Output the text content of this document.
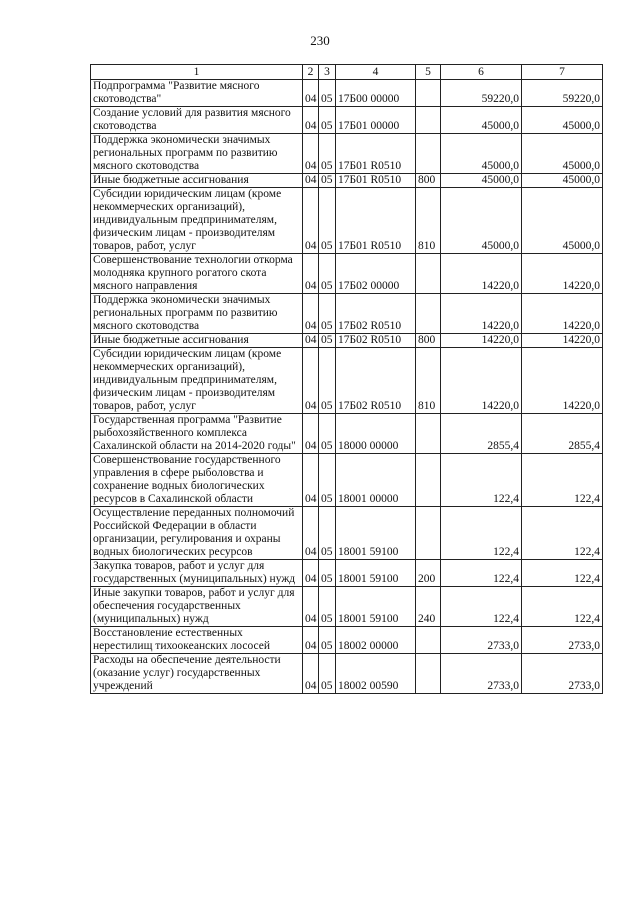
230
1	2	3	4	5	6	7
Подпрограмма "Развитие мясного скотоводства"	04	05	17Б00 00000		59220,0	59220,0
Создание условий для развития мясного скотоводства	04	05	17Б01 00000		45000,0	45000,0
Поддержка экономически значимых региональных программ по развитию мясного скотоводства	04	05	17Б01 R0510		45000,0	45000,0
Иные бюджетные ассигнования	04	05	17Б01 R0510	800	45000,0	45000,0
Субсидии юридическим лицам (кроме некоммерческих организаций), индивидуальным предпринимателям, физическим лицам - производителям товаров, работ, услуг	04	05	17Б01 R0510	810	45000,0	45000,0
Совершенствование технологии откорма молодняка крупного рогатого скота мясного направления	04	05	17Б02 00000		14220,0	14220,0
Поддержка экономически значимых региональных программ по развитию мясного скотоводства	04	05	17Б02 R0510		14220,0	14220,0
Иные бюджетные ассигнования	04	05	17Б02 R0510	800	14220,0	14220,0
Субсидии юридическим лицам (кроме некоммерческих организаций), индивидуальным предпринимателям, физическим лицам - производителям товаров, работ, услуг	04	05	17Б02 R0510	810	14220,0	14220,0
Государственная программа "Развитие рыбохозяйственного комплекса Сахалинской области на 2014-2020 годы"	04	05	18000 00000		2855,4	2855,4
Совершенствование государственного управления в сфере рыболовства и сохранение водных биологических ресурсов в Сахалинской области	04	05	18001 00000		122,4	122,4
Осуществление переданных полномочий Российской Федерации в области организации, регулирования и охраны водных биологических ресурсов	04	05	18001 59100		122,4	122,4
Закупка товаров, работ и услуг для государственных (муниципальных) нужд	04	05	18001 59100	200	122,4	122,4
Иные закупки товаров, работ и услуг для обеспечения государственных (муниципальных) нужд	04	05	18001 59100	240	122,4	122,4
Восстановление естественных нерестилищ тихоокеанских лососей	04	05	18002 00000		2733,0	2733,0
Расходы на обеспечение деятельности (оказание услуг) государственных учреждений	04	05	18002 00590		2733,0	2733,0
